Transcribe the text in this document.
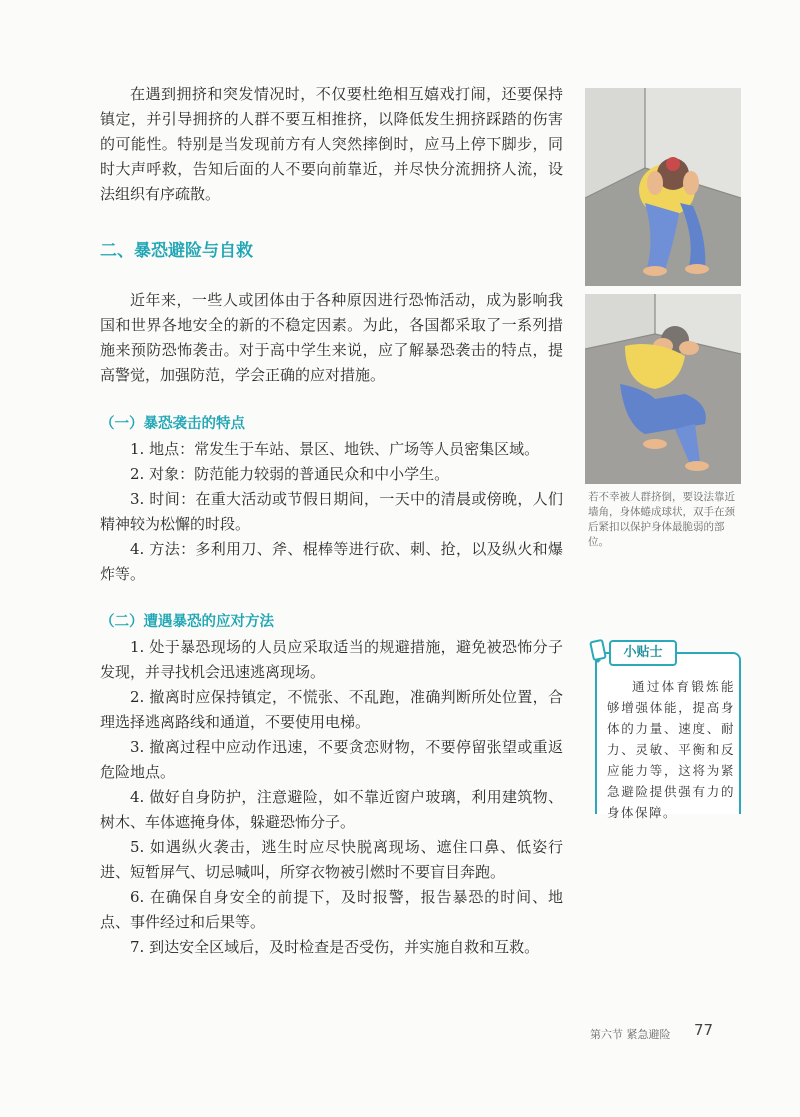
在遇到拥挤和突发情况时，不仅要杜绝相互嬉戏打闹，还要保持镇定，并引导拥挤的人群不要互相推挤，以降低发生拥挤踩踏的伤害的可能性。特别是当发现前方有人突然摔倒时，应马上停下脚步，同时大声呼救，告知后面的人不要向前靠近，并尽快分流拥挤人流，设法组织有序疏散。

二、暴恐避险与自救

近年来，一些人或团体由于各种原因进行恐怖活动，成为影响我国和世界各地安全的新的不稳定因素。为此，各国都采取了一系列措施来预防恐怖袭击。对于高中学生来说，应了解暴恐袭击的特点，提高警觉，加强防范，学会正确的应对措施。

（一）暴恐袭击的特点

1. 地点：常发生于车站、景区、地铁、广场等人员密集区域。

2. 对象：防范能力较弱的普通民众和中小学生。

3. 时间：在重大活动或节假日期间，一天中的清晨或傍晚，人们精神较为松懈的时段。

4. 方法：多利用刀、斧、棍棒等进行砍、刺、抢，以及纵火和爆炸等。

（二）遭遇暴恐的应对方法

1. 处于暴恐现场的人员应采取适当的规避措施，避免被恐怖分子发现，并寻找机会迅速逃离现场。

2. 撤离时应保持镇定，不慌张、不乱跑，准确判断所处位置，合理选择逃离路线和通道，不要使用电梯。

3. 撤离过程中应动作迅速，不要贪恋财物，不要停留张望或重返危险地点。

4. 做好自身防护，注意避险，如不靠近窗户玻璃，利用建筑物、树木、车体遮掩身体，躲避恐怖分子。

5. 如遇纵火袭击，逃生时应尽快脱离现场、遮住口鼻、低姿行进、短暂屏气、切忌喊叫，所穿衣物被引燃时不要盲目奔跑。

6. 在确保自身安全的前提下，及时报警，报告暴恐的时间、地点、事件经过和后果等。

7. 到达安全区域后，及时检查是否受伤，并实施自救和互救。

若不幸被人群挤倒，要设法靠近墙角，身体蜷成球状，双手在颈后紧扣以保护身体最脆弱的部位。
小贴士
通过体育锻炼能够增强体能，提高身体的力量、速度、耐力、灵敏、平衡和反应能力等，这将为紧急避险提供强有力的身体保障。
第六节 紧急避险 77
